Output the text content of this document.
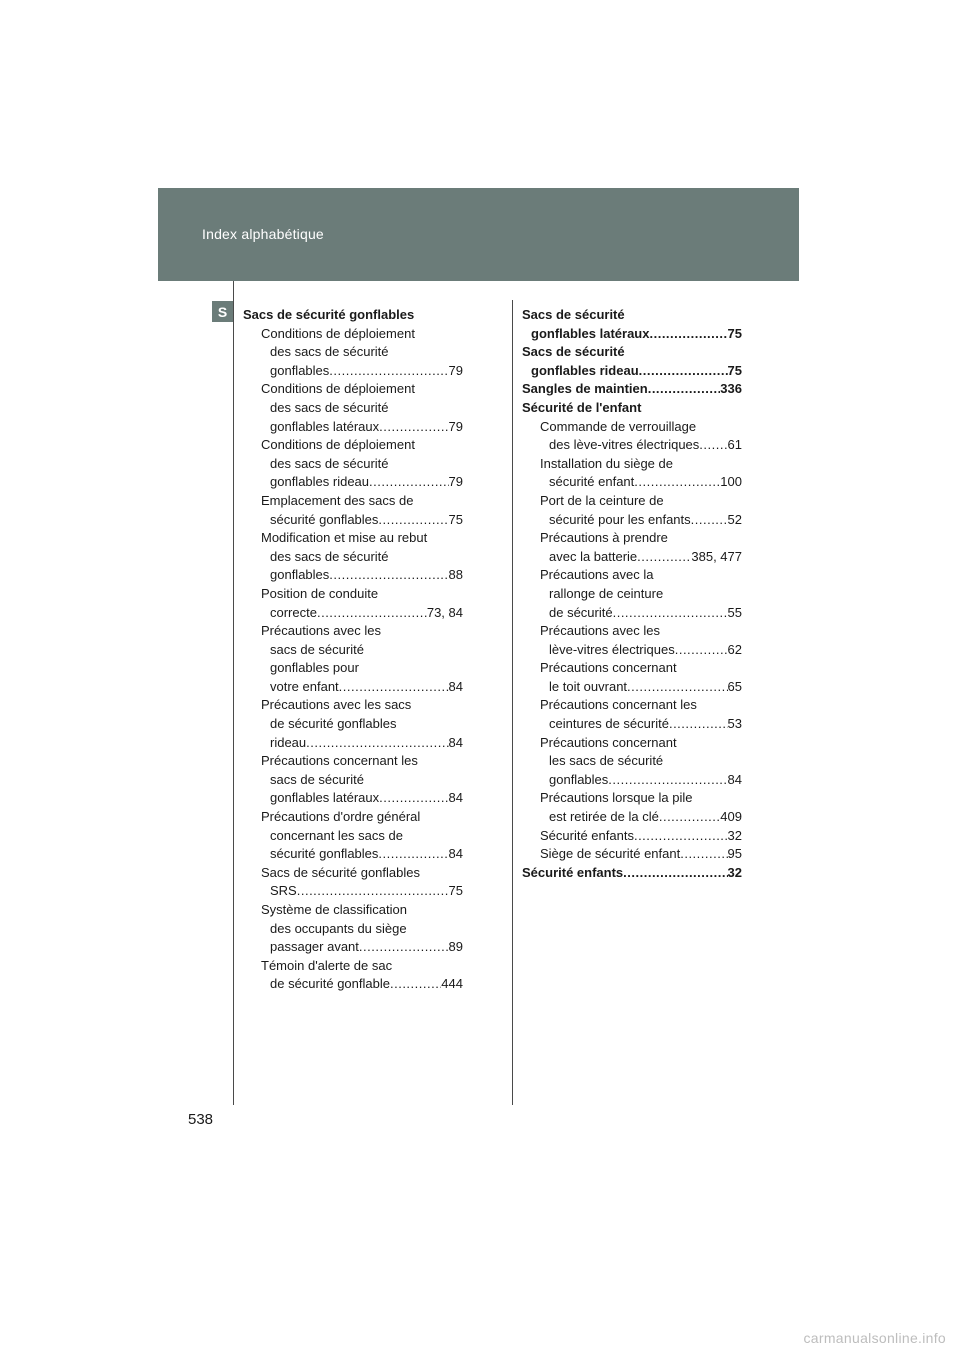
Index alphabétique
S	Sacs de sécurité gonflables
Conditions de déploiement
des sacs de sécurité
gonflables .....	79
Conditions de déploiement
des sacs de sécurité
gonflables latéraux .....	79
Conditions de déploiement
des sacs de sécurité
gonflables rideau .....	79
Emplacement des sacs de
sécurité gonflables .....	75
Modification et mise au rebut
des sacs de sécurité
gonflables .....	88
Position de conduite
correcte .....	73, 84
Précautions avec les
sacs de sécurité
gonflables pour
votre enfant .....	84
Précautions avec les sacs
de sécurité gonflables
rideau .....	84
Précautions concernant les
sacs de sécurité
gonflables latéraux .....	84
Précautions d'ordre général
concernant les sacs de
sécurité gonflables .....	84
Sacs de sécurité gonflables
SRS .....	75
Système de classification
des occupants du siège
passager avant .....	89
Témoin d'alerte de sac
de sécurité gonflable .....	444
Sacs de sécurité
gonflables latéraux .....	75
Sacs de sécurité
gonflables rideau .....	75
Sangles de maintien .....	336
Sécurité de l'enfant
Commande de verrouillage
des lève-vitres électriques ..... 61
Installation du siège de
sécurité enfant .....	100
Port de la ceinture de
sécurité pour les enfants .....	52
Précautions à prendre
avec la batterie .....	385, 477
Précautions avec la
rallonge de ceinture
de sécurité .....	55
Précautions avec les
lève-vitres électriques .....	62
Précautions concernant
le toit ouvrant .....	65
Précautions concernant les
ceintures de sécurité .....	53
Précautions concernant
les sacs de sécurité
gonflables .....	84
Précautions lorsque la pile
est retirée de la clé .....	409
Sécurité enfants .....	32
Siège de sécurité enfant .....	95
Sécurité enfants .....	32
538
carmanualsonline.info
